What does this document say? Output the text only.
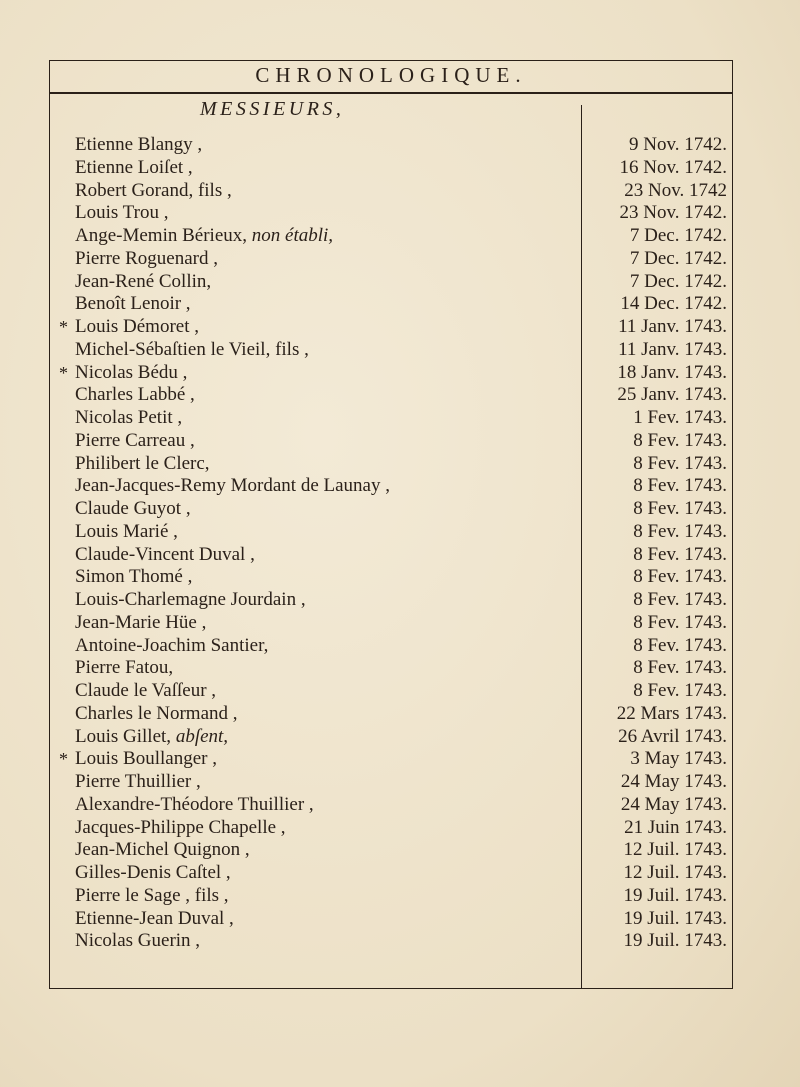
CHRONOLOGIQUE.
MESSIEURS,
Etienne Blangy ,
Etienne Loiſet ,
Robert Gorand, fils ,
Louis Trou ,
Ange-Memin Bérieux, non établi,
Pierre Roguenard ,
Jean-René Collin,
Benoît Lenoir ,
* Louis Démoret ,
Michel-Sébaſtien le Vieil, fils ,
* Nicolas Bédu ,
Charles Labbé ,
Nicolas Petit ,
Pierre Carreau ,
Philibert le Clerc,
Jean-Jacques-Remy Mordant de Launay ,
Claude Guyot ,
Louis Marié ,
Claude-Vincent Duval ,
Simon Thomé ,
Louis-Charlemagne Jourdain ,
Jean-Marie Hüe ,
Antoine-Joachim Santier,
Pierre Fatou,
Claude le Vaſſeur ,
Charles le Normand ,
Louis Gillet, abſent,
* Louis Boullanger ,
Pierre Thuillier ,
Alexandre-Théodore Thuillier ,
Jacques-Philippe Chapelle ,
Jean-Michel Quignon ,
Gilles-Denis Caſtel ,
Pierre le Sage , fils ,
Etienne-Jean Duval ,
Nicolas Guerin ,
9 Nov. 1742.
16 Nov. 1742.
23 Nov. 1742
23 Nov. 1742.
7 Dec. 1742.
7 Dec. 1742.
7 Dec. 1742.
14 Dec. 1742.
11 Janv. 1743.
11 Janv. 1743.
18 Janv. 1743.
25 Janv. 1743.
1 Fev. 1743.
8 Fev. 1743.
8 Fev. 1743.
8 Fev. 1743.
8 Fev. 1743.
8 Fev. 1743.
8 Fev. 1743.
8 Fev. 1743.
8 Fev. 1743.
8 Fev. 1743.
8 Fev. 1743.
8 Fev. 1743.
8 Fev. 1743.
22 Mars 1743.
26 Avril 1743.
3 May 1743.
24 May 1743.
24 May 1743.
21 Juin 1743.
12 Juil. 1743.
12 Juil. 1743.
19 Juil. 1743.
19 Juil. 1743.
19 Juil. 1743.
